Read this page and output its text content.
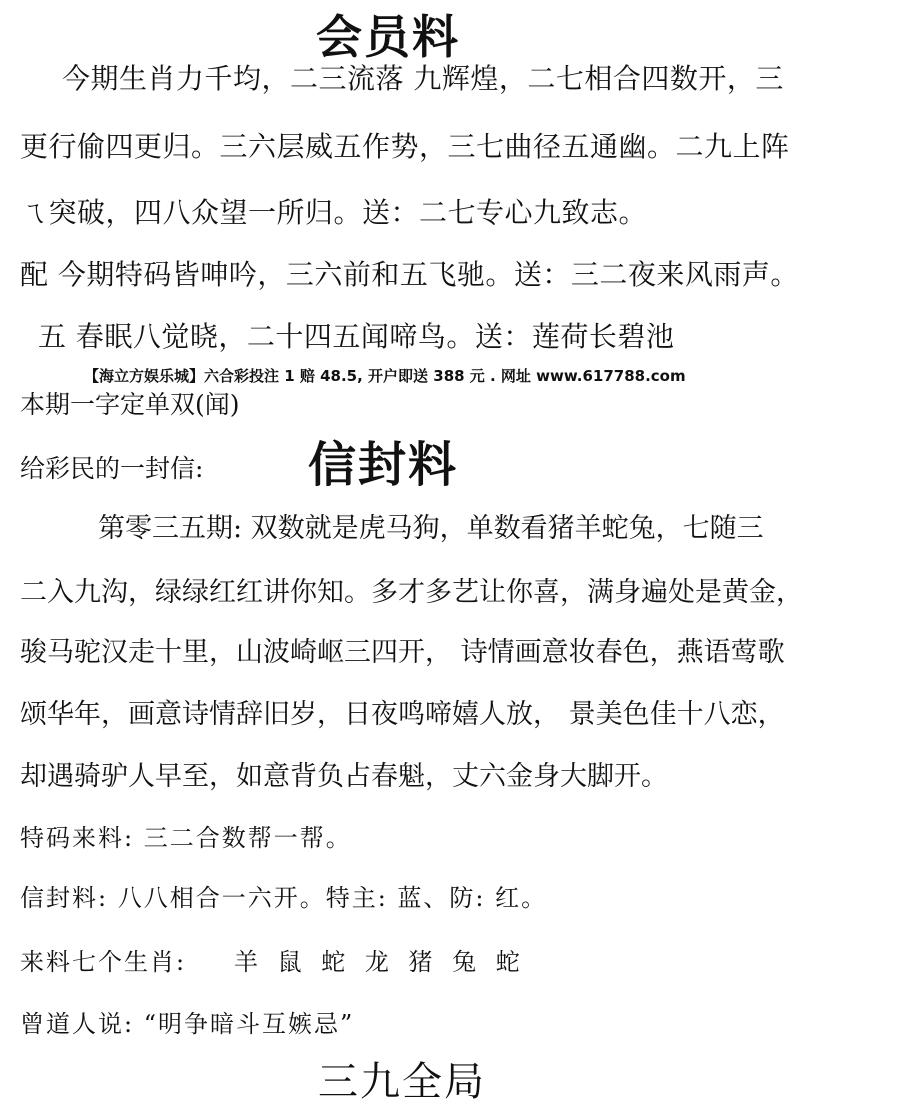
会员料
今期生肖力千均，二三流落 九辉煌，二七相合四数开，三
更行偷四更归。三六层威五作势，三七曲径五通幽。二九上阵
ㄟ突破，四八众望一所归。送：二七专心九致志。
配 今期特码皆呻吟，三六前和五飞驰。送：三二夜来风雨声。
五 春眠八觉晓，二十四五闻啼鸟。送：莲荷长碧池
【海立方娱乐城】六合彩投注 1 赔 48.5, 开户即送 388 元 . 网址 www.617788.com
本期一字定单双(闻)
给彩民的一封信: 信封料
第零三五期: 双数就是虎马狗，单数看猪羊蛇兔，七随三
二入九沟，绿绿红红讲你知。多才多艺让你喜，满身遍处是黄金，
骏马驼汉走十里，山波崎岖三四开， 诗情画意妆春色，燕语莺歌
颂华年，画意诗情辞旧岁，日夜鸣啼嬉人放， 景美色佳十八恋，
却遇骑驴人早至，如意背负占春魁，丈六金身大脚开。
特码来料: 三二合数帮一帮。
信封料: 八八相合一六开。特主: 蓝、防: 红。
来料七个生肖: 羊 鼠 蛇 龙 猪 兔 蛇
曾道人说: “明争暗斗互嫉忌”
三九全局
